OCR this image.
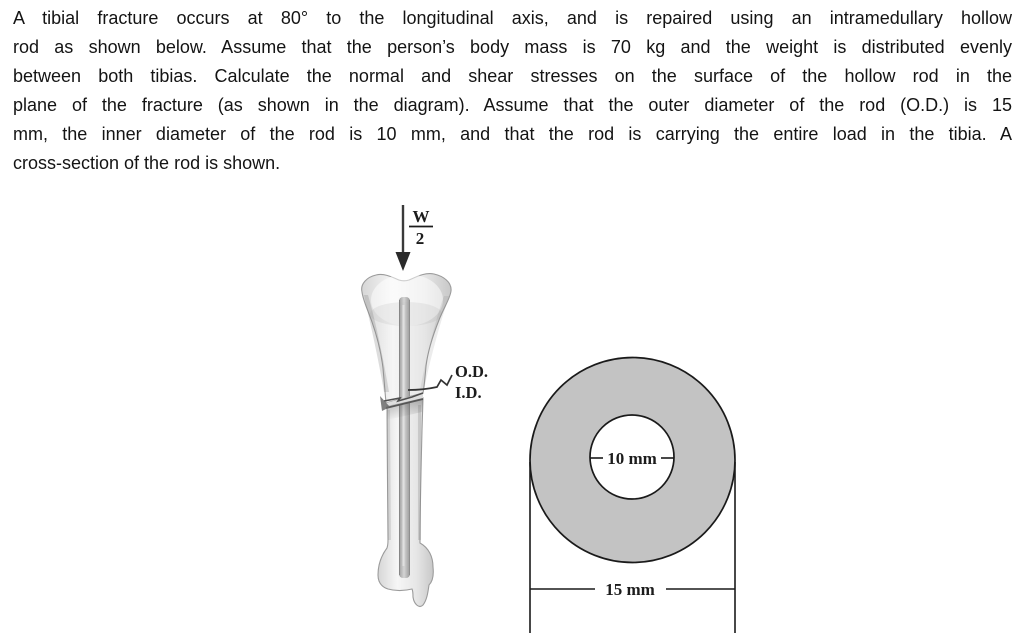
A tibial fracture occurs at 80° to the longitudinal axis, and is repaired using an intramedullary hollow
rod as shown below. Assume that the person’s body mass is 70 kg and the weight is distributed evenly
between both tibias. Calculate the normal and shear stresses on the surface of the hollow rod in the
plane of the fracture (as shown in the diagram). Assume that the outer diameter of the rod (O.D.) is 15
mm, the inner diameter of the rod is 10 mm, and that the rod is carrying the entire load in the tibia. A
cross-section of the rod is shown.
W
2
O.D.
I.D.
10 mm
15 mm
